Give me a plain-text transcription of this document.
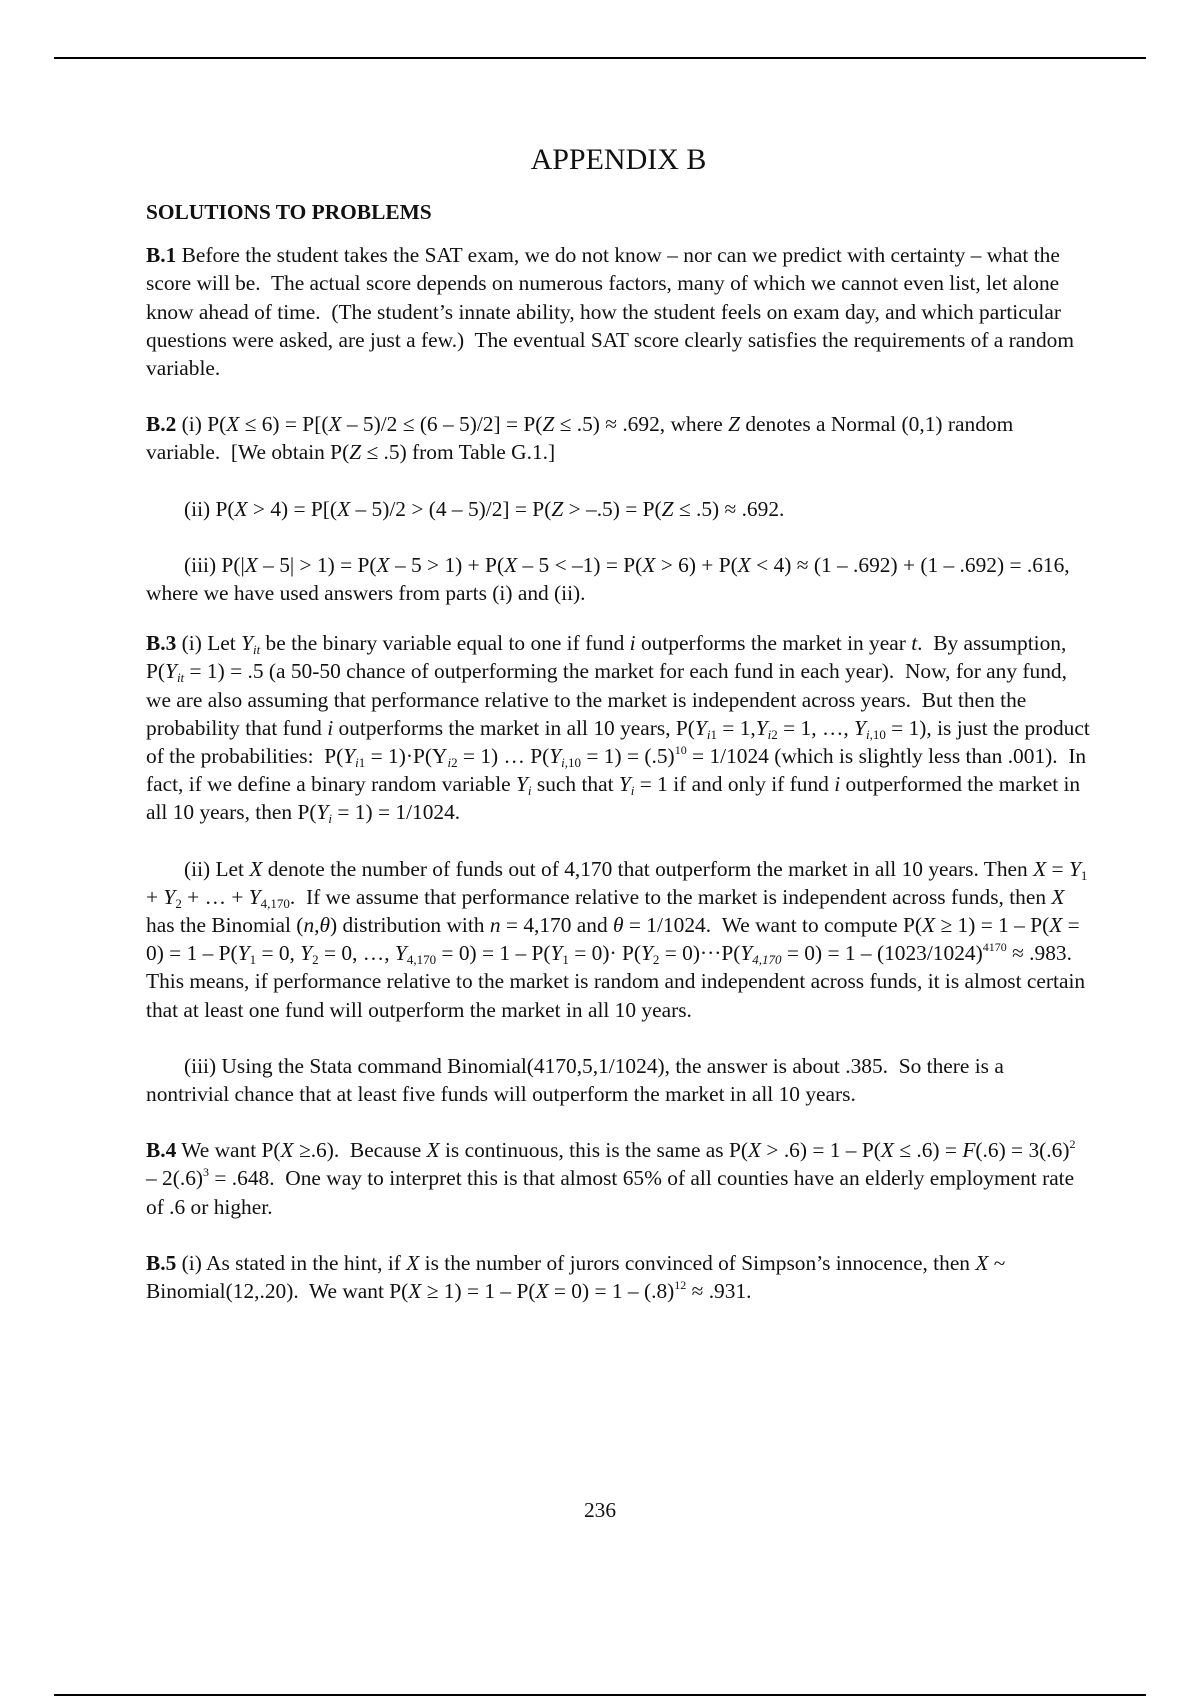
APPENDIX B
SOLUTIONS TO PROBLEMS

B.1 Before the student takes the SAT exam, we do not know – nor can we predict with certainty – what the score will be.  The actual score depends on numerous factors, many of which we cannot even list, let alone know ahead of time.  (The student’s innate ability, how the student feels on exam day, and which particular questions were asked, are just a few.)  The eventual SAT score clearly satisfies the requirements of a random variable.

B.2 (i) P(X ≤ 6) = P[(X – 5)/2 ≤ (6 – 5)/2] = P(Z ≤ .5) ≈ .692, where Z denotes a Normal (0,1) random variable.  [We obtain P(Z ≤ .5) from Table G.1.]

(ii) P(X > 4) = P[(X – 5)/2 > (4 – 5)/2] = P(Z > –.5) = P(Z ≤ .5) ≈ .692.

(iii) P(|X – 5| > 1) = P(X – 5 > 1) + P(X – 5 < –1) = P(X > 6) + P(X < 4) ≈ (1 – .692) + (1 – .692) = .616, where we have used answers from parts (i) and (ii).

B.3 (i) Let $Y_{it}$ be the binary variable equal to one if fund i outperforms the market in year t.  By assumption, $P(Y_{it} = 1) = .5$ (a 50-50 chance of outperforming the market for each fund in each year).  Now, for any fund, we are also assuming that performance relative to the market is independent across years.  But then the probability that fund i outperforms the market in all 10 years, $P(Y_{i1} = 1,Y_{i2} = 1$, …, $Y_{i,10} = 1$), is just the product of the probabilities:  $P(Y_{i1} = 1)\cdot P(Y_{i2} = 1)$ … $P(Y_{i,10} = 1) = (.5)^{10} = 1/1024$ (which is slightly less than .001).  In fact, if we define a binary random variable $Y_i$ such that $Y_i = 1$ if and only if fund i outperformed the market in all 10 years, then $P(Y_i = 1) = 1/1024$.

(ii) Let X denote the number of funds out of 4,170 that outperform the market in all 10 years. Then $X = Y_1 + Y_2$ + … + $Y_{4,170}$.  If we assume that performance relative to the market is independent across funds, then X has the Binomial (n,θ) distribution with n = 4,170 and θ = 1/1024.  We want to compute $P(X \ge 1) = 1 - P(X = 0) = 1 - P(Y_1 = 0$, $Y_2 = 0$, …, $Y_{4,170} = 0) = 1 - P(Y_1 = 0)\cdot P(Y_2 = 0)\cdot\cdot\cdot P(Y_{4,170} = 0) = 1 - (1023/1024)^{4170} \approx .983$.  This means, if performance relative to the market is random and independent across funds, it is almost certain that at least one fund will outperform the market in all 10 years.

(iii) Using the Stata command Binomial(4170,5,1/1024), the answer is about .385.  So there is a nontrivial chance that at least five funds will outperform the market in all 10 years.

B.4 We want P(X ≥.6).  Because X is continuous, this is the same as $P(X > .6) = 1 - P(X \le .6) = F(.6) = 3(.6)^2 - 2(.6)^3 = .648$.  One way to interpret this is that almost 65% of all counties have an elderly employment rate of .6 or higher.

B.5 (i) As stated in the hint, if X is the number of jurors convinced of Simpson’s innocence, then X ~ Binomial(12,.20).  We want $P(X \ge 1) = 1 - P(X = 0) = 1 - (.8)^{12} \approx .931$.

236
